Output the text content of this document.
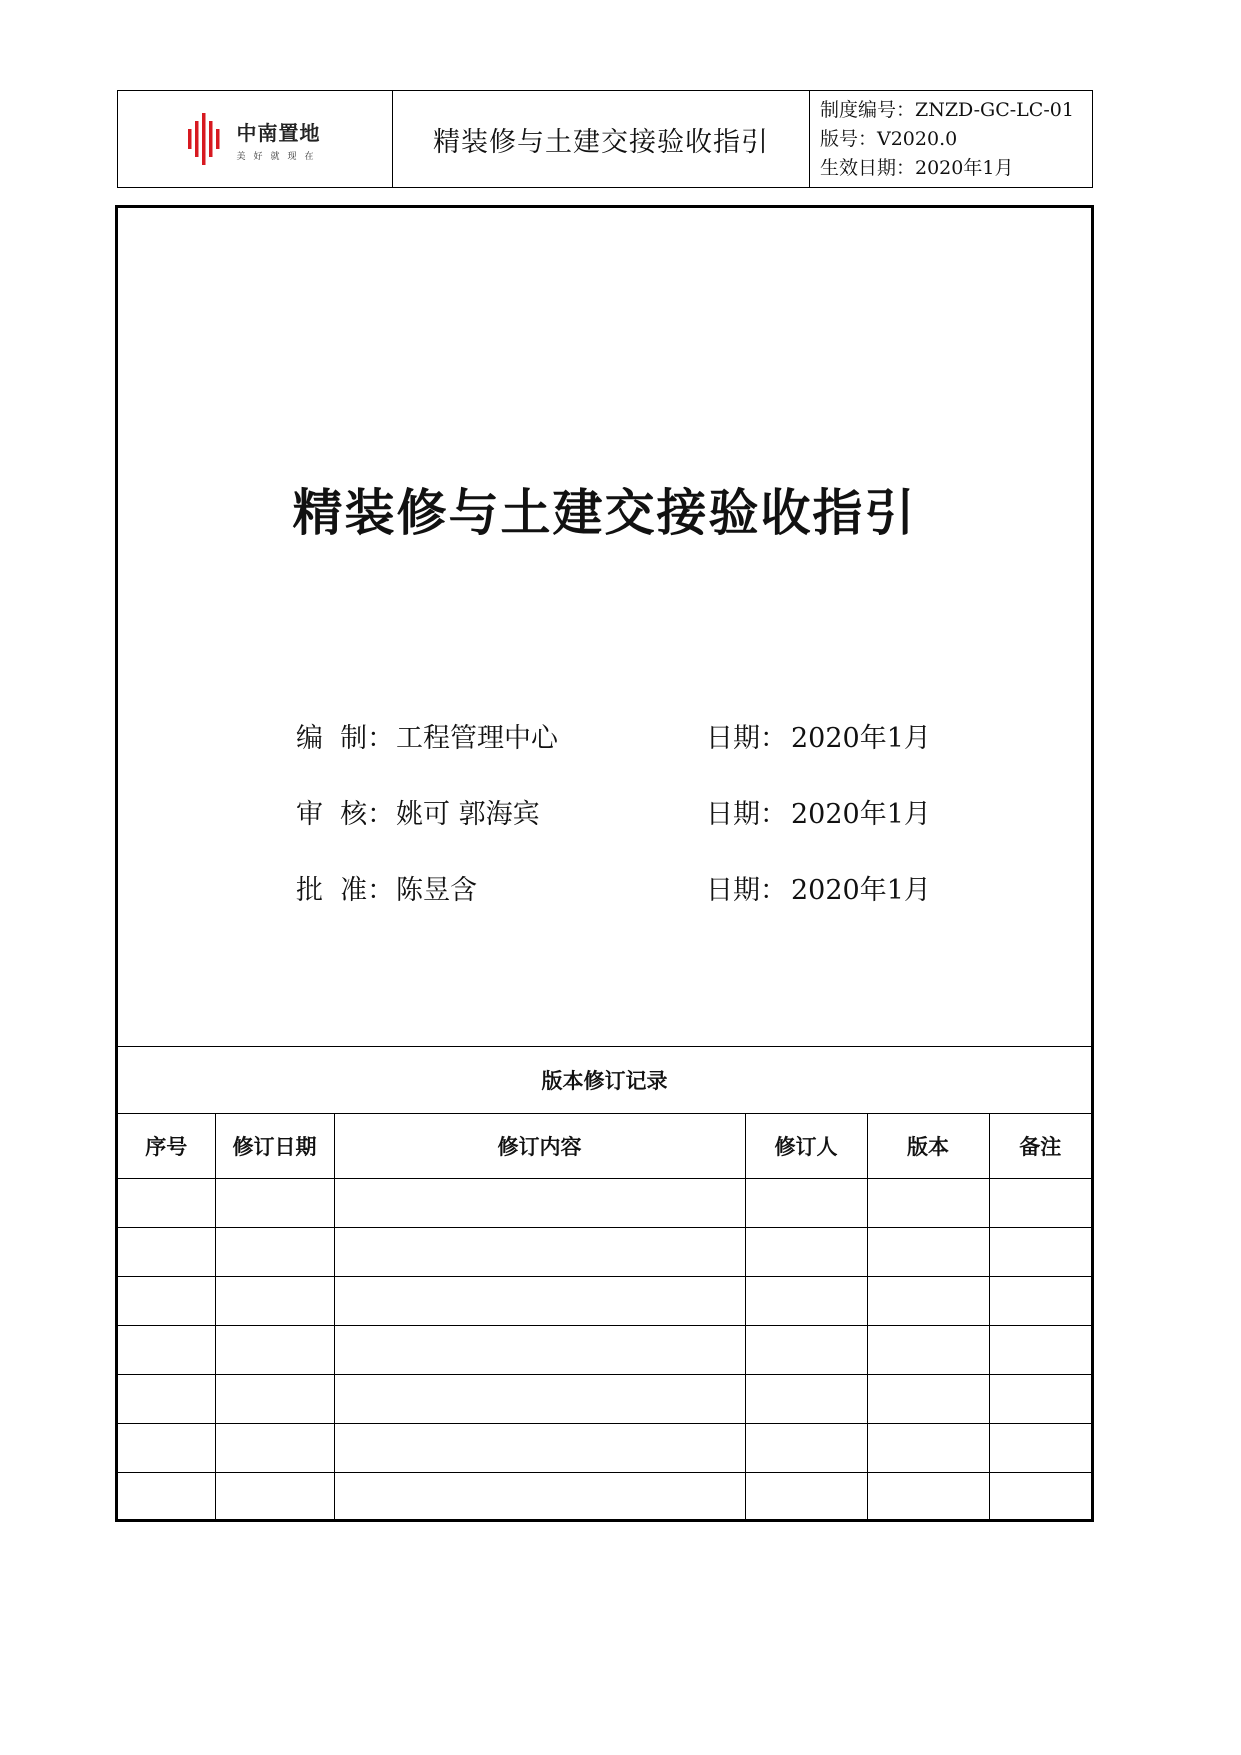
中南置地
美好就现在	精装修与土建交接验收指引
制度编号：ZNZD-GC-LC-01
版号：V2020.0
生效日期：2020年1月
精装修与土建交接验收指引
编  制： 工程管理中心	日期： 2020年1月
审  核： 姚可 郭海宾	日期： 2020年1月
批  准： 陈昱含	日期： 2020年1月
版本修订记录
序号	修订日期	修订内容	修订人	版本	备注
